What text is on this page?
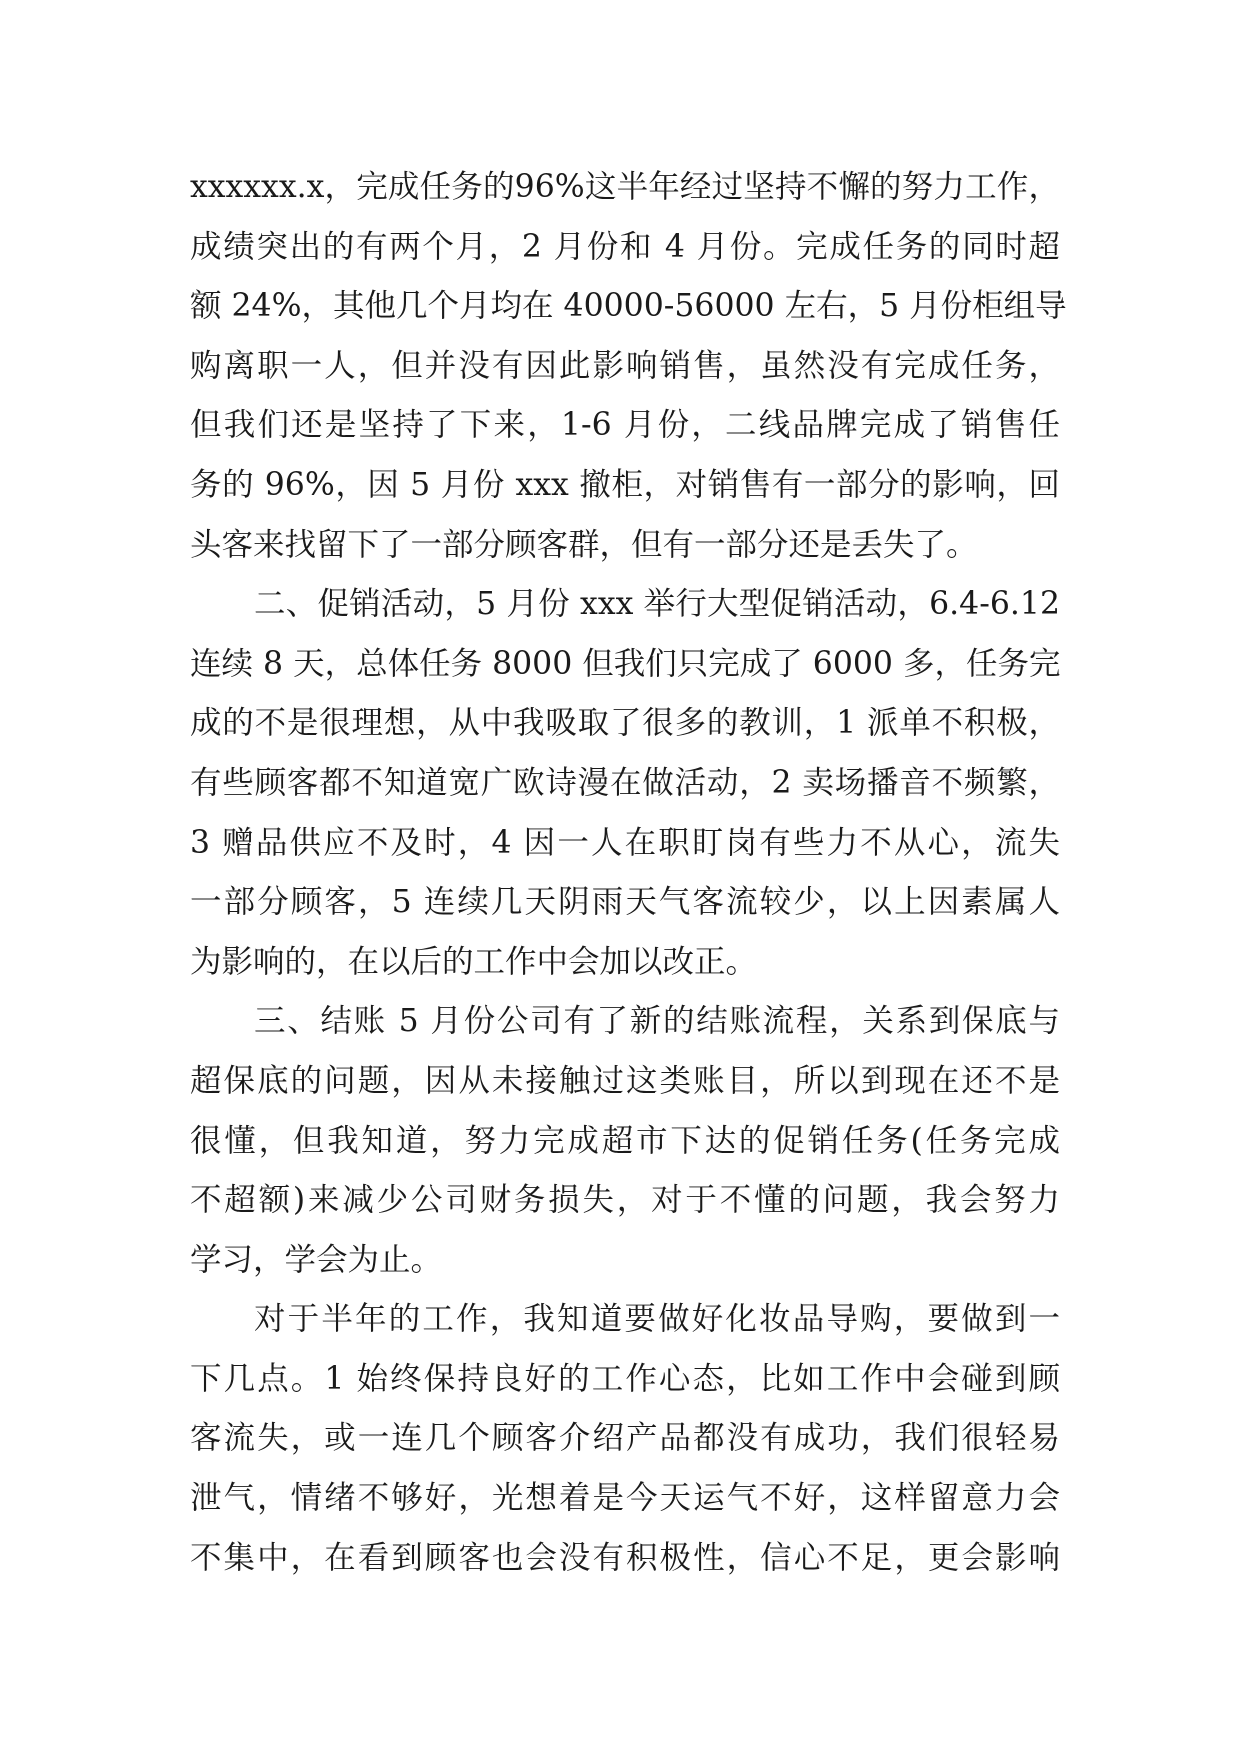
xxxxxx.x，完成任务的96%这半年经过坚持不懈的努力工作，
成绩突出的有两个月，2 月份和 4 月份。完成任务的同时超
额 24%，其他几个月均在 40000-56000 左右，5 月份柜组导
购离职一人，但并没有因此影响销售，虽然没有完成任务，
但我们还是坚持了下来，1-6 月份，二线品牌完成了销售任
务的 96%，因 5 月份 xxx 撤柜，对销售有一部分的影响，回
头客来找留下了一部分顾客群，但有一部分还是丢失了。
二、促销活动，5 月份 xxx 举行大型促销活动，6.4-6.12
连续 8 天，总体任务 8000 但我们只完成了 6000 多，任务完
成的不是很理想，从中我吸取了很多的教训，1 派单不积极，
有些顾客都不知道宽广欧诗漫在做活动，2 卖场播音不频繁，
3 赠品供应不及时，4 因一人在职盯岗有些力不从心，流失
一部分顾客，5 连续几天阴雨天气客流较少，以上因素属人
为影响的，在以后的工作中会加以改正。
三、结账 5 月份公司有了新的结账流程，关系到保底与
超保底的问题，因从未接触过这类账目，所以到现在还不是
很懂，但我知道，努力完成超市下达的促销任务(任务完成
不超额)来减少公司财务损失，对于不懂的问题，我会努力
学习，学会为止。
对于半年的工作，我知道要做好化妆品导购，要做到一
下几点。1 始终保持良好的工作心态，比如工作中会碰到顾
客流失，或一连几个顾客介绍产品都没有成功，我们很轻易
泄气，情绪不够好，光想着是今天运气不好，这样留意力会
不集中，在看到顾客也会没有积极性，信心不足，更会影响
